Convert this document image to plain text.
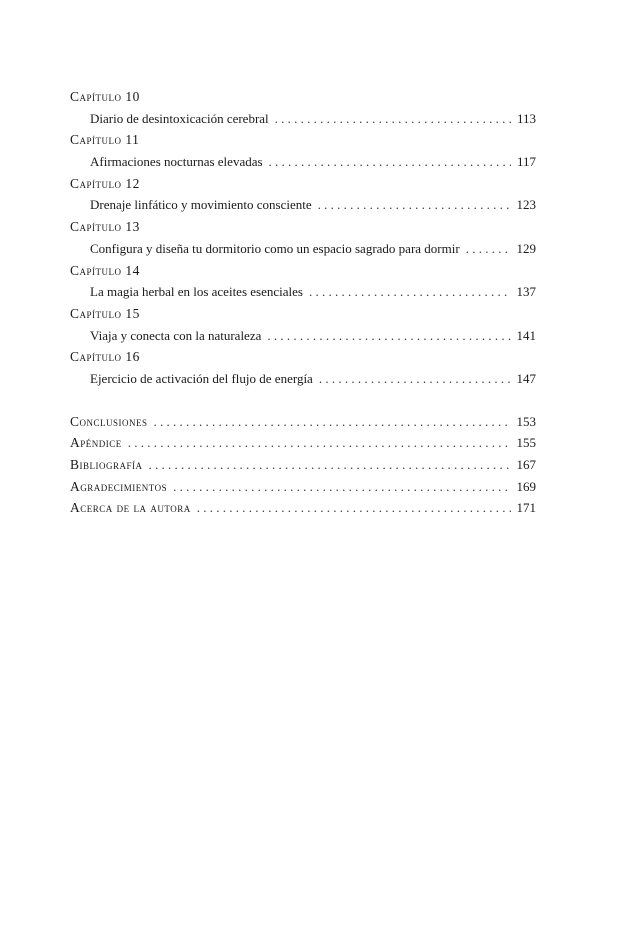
Capítulo 10
Diario de desintoxicación cerebral . . .	113
Capítulo 11
Afirmaciones nocturnas elevadas . . .	117
Capítulo 12
Drenaje linfático y movimiento consciente . . .	123
Capítulo 13
Configura y diseña tu dormitorio como un espacio sagrado para dormir . . .	129
Capítulo 14
La magia herbal en los aceites esenciales . . .	137
Capítulo 15
Viaja y conecta con la naturaleza . . .	141
Capítulo 16
Ejercicio de activación del flujo de energía . . .	147
Conclusiones . . .	153
Apéndice . . .	155
Bibliografía . . .	167
Agradecimientos . . .	169
Acerca de la autora . . .	171
